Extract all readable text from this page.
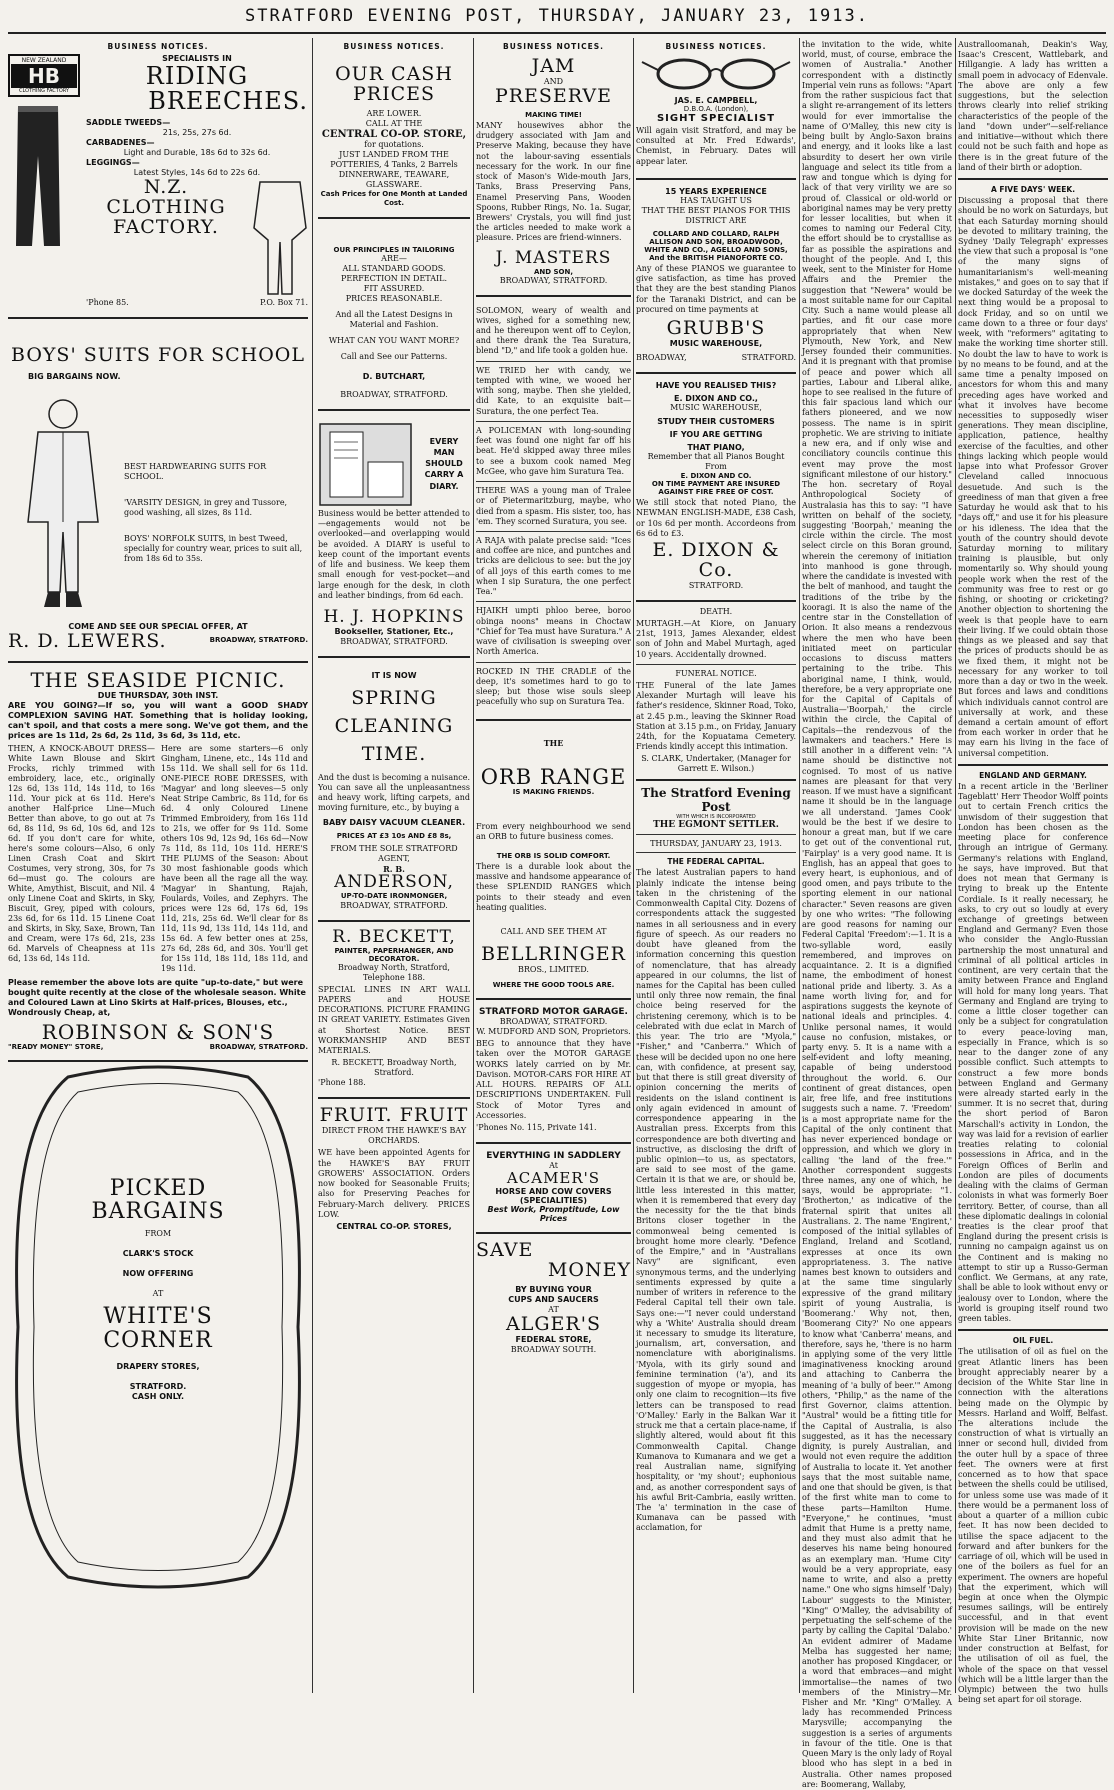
STRATFORD EVENING POST, THURSDAY, JANUARY 23, 1913.
BUSINESS NOTICES.
NEW ZEALAND
HB
CLOTHING FACTORY
SPECIALISTS IN
RIDING
BREECHES.
SADDLE TWEEDS—
21s, 25s, 27s 6d.
CARBADENES—
Light and Durable, 18s 6d to 32s 6d.
LEGGINGS—
Latest Styles, 14s 6d to 22s 6d.
N.Z.
CLOTHING
FACTORY.
'Phone 85.	P.O. Box 71.
BOYS' SUITS FOR SCHOOL
BIG BARGAINS NOW.
BEST HARDWEARING SUITS FOR SCHOOL.
'VARSITY DESIGN, in grey and Tussore, good washing, all sizes, 8s 11d.
BOYS' NORFOLK SUITS, in best Tweed, specially for country wear, prices to suit all, from 18s 6d to 35s.
COME AND SEE OUR SPECIAL OFFER, AT
R. D. LEWERS.	BROADWAY, STRATFORD.
THE SEASIDE PICNIC.
DUE THURSDAY, 30th INST.
ARE YOU GOING?—If so, you will want a GOOD SHADY COMPLEXION SAVING HAT. Something that is holiday looking, can't spoil, and that costs a mere song. We've got them, and the prices are 1s 11d, 2s 6d, 2s 11d, 3s 6d, 3s 11d, etc.
THEN, A KNOCK-ABOUT DRESS—White Lawn Blouse and Skirt Frocks, richly trimmed with embroidery, lace, etc., originally 12s 6d, 13s 11d, 14s 11d, to 16s 11d. Your pick at 6s 11d. Here's another Half-price Line—Much Better than above, to go out at 7s 6d, 8s 11d, 9s 6d, 10s 6d, and 12s 6d. If you don't care for white, here's some colours—Also, 6 only Linen Crash Coat and Skirt Costumes, very strong, 30s, for 7s 6d—must go. The colours are White, Amythist, Biscuit, and Nil. 4 only Linene Coat and Skirts, in Sky, Biscuit, Grey, piped with colours, 23s 6d, for 6s 11d. 15 Linene Coat and Skirts, in Sky, Saxe, Brown, Tan and Cream, were 17s 6d, 21s, 23s 6d. Marvels of Cheapness at 11s 6d, 13s 6d, 14s 11d.
Here are some starters—6 only Gingham, Linene, etc., 14s 11d and 15s 11d. We shall sell for 6s 11d. ONE-PIECE ROBE DRESSES, with 'Magyar' and long sleeves—5 only Neat Stripe Cambric, 8s 11d, for 6s 6d. 4 only Coloured Linene Trimmed Embroidery, from 16s 11d to 21s, we offer for 9s 11d. Some others 10s 9d, 12s 9d, 16s 6d—Now 7s 11d, 8s 11d, 10s 11d. HERE'S THE PLUMS of the Season: About 30 most fashionable goods which have been all the rage all the way. 'Magyar' in Shantung, Rajah, Foulards, Voiles, and Zephyrs. The prices were 12s 6d, 17s 6d, 19s 11d, 21s, 25s 6d. We'll clear for 8s 11d, 11s 9d, 13s 11d, 14s 11d, and 15s 6d. A few better ones at 25s, 27s 6d, 28s 6d, and 30s. You'll get for 15s 11d, 18s 11d, 18s 11d, and 19s 11d.
Please remember the above lots are quite "up-to-date," but were bought quite recently at the close of the wholesale season. White and Coloured Lawn at Lino Skirts at Half-prices, Blouses, etc., Wondrously Cheap, at,
ROBINSON & SON'S
"READY MONEY" STORE,	BROADWAY, STRATFORD.
PICKED
BARGAINS
FROM
CLARK'S STOCK
NOW OFFERING
AT
WHITE'S
CORNER
DRAPERY STORES,
STRATFORD.
CASH ONLY.
BUSINESS NOTICES.
OUR CASH
PRICES
ARE LOWER.
CALL AT THE
CENTRAL CO-OP. STORE,
for quotations.
JUST LANDED FROM THE POTTERIES, 4 Tanks, 2 Barrels DINNERWARE, TEAWARE, GLASSWARE.
Cash Prices for One Month at Landed Cost.
OUR PRINCIPLES IN TAILORING
ARE—
ALL STANDARD GOODS.
PERFECTION IN DETAIL.
FIT ASSURED.
PRICES REASONABLE.
And all the Latest Designs in Material and Fashion.
WHAT CAN YOU WANT MORE?
Call and See our Patterns.
D. BUTCHART,
BROADWAY, STRATFORD.
EVERY MAN SHOULD CARRY A DIARY.
Business would be better attended to—engagements would not be overlooked—and overlapping would be avoided. A DIARY is useful to keep count of the important events of life and business. We keep them small enough for vest-pocket—and large enough for the desk, in cloth and leather bindings, from 6d each.
H. J. HOPKINS
Bookseller, Stationer, Etc.,
BROADWAY, STRATFORD.
IT IS NOW
SPRING
CLEANING
TIME.
And the dust is becoming a nuisance. You can save all the unpleasantness and heavy work, lifting carpets, and moving furniture, etc., by buying a
BABY DAISY VACUUM CLEANER.
PRICES AT £3 10s AND £8 8s,
FROM THE SOLE STRATFORD AGENT,
R. B.
ANDERSON,
UP-TO-DATE IRONMONGER,
BROADWAY, STRATFORD.
R. BECKETT,
PAINTER, PAPERHANGER, AND DECORATOR.
Broadway North, Stratford, Telephone 188.
SPECIAL LINES IN ART WALL PAPERS and HOUSE DECORATIONS. PICTURE FRAMING IN GREAT VARIETY. Estimates Given at Shortest Notice. BEST WORKMANSHIP AND BEST MATERIALS.
R. BECKETT, Broadway North, Stratford.
'Phone 188.
FRUIT. FRUIT
DIRECT FROM THE HAWKE'S BAY ORCHARDS.
WE have been appointed Agents for the HAWKE'S BAY FRUIT GROWERS' ASSOCIATION. Orders now booked for Seasonable Fruits; also for Preserving Peaches for February-March delivery. PRICES LOW.
CENTRAL CO-OP. STORES,
BUSINESS NOTICES.
JAM
AND
PRESERVE
MAKING TIME!
MANY housewives abhor the drudgery associated with Jam and Preserve Making, because they have not the labour-saving essentials necessary for the work. In our fine stock of Mason's Wide-mouth Jars, Tanks, Brass Preserving Pans, Enamel Preserving Pans, Wooden Spoons, Rubber Rings, No. 1a. Sugar, Brewers' Crystals, you will find just the articles needed to make work a pleasure. Prices are friend-winners.
J. MASTERS
AND SON,
BROADWAY, STRATFORD.
SOLOMON, weary of wealth and wives, sighed for a something new, and he thereupon went off to Ceylon, and there drank the Tea Suratura, blend "D," and life took a golden hue.
WE TRIED her with candy, we tempted with wine, we wooed her with song, maybe. Then she yielded, did Kate, to an exquisite bait—Suratura, the one perfect Tea.
A POLICEMAN with long-sounding feet was found one night far off his beat. He'd skipped away three miles to see a buxom cook named Meg McGee, who gave him Suratura Tea.
THERE WAS a young man of Tralee or of Pietermaritzburg, maybe, who died from a spasm. His sister, too, has 'em. They scorned Suratura, you see.
A RAJA with palate precise said: "Ices and coffee are nice, and puntches and tricks are delicious to see: but the joy of all joys of this earth comes to me when I sip Suratura, the one perfect Tea."
HJAIKH umpti phloo beree, boroo obinga noons" means in Choctaw "Chief for Tea must have Suratura." A wave of civilisation is sweeping over North America.
ROCKED IN THE CRADLE of the deep, it's sometimes hard to go to sleep; but those wise souls sleep peacefully who sup on Suratura Tea.
THE
ORB RANGE
IS MAKING FRIENDS.
From every neighbourhood we send an ORB to future business comes.
THE ORB IS SOLID COMFORT.
There is a durable look about the massive and handsome appearance of these SPLENDID RANGES which points to their steady and even heating qualities.
CALL AND SEE THEM AT
BELLRINGER
BROS., LIMITED.
WHERE THE GOOD TOOLS ARE.
STRATFORD MOTOR GARAGE.
BROADWAY, STRATFORD.
W. MUDFORD AND SON, Proprietors.
BEG to announce that they have taken over the MOTOR GARAGE WORKS lately carried on by Mr. Davison. MOTOR-CARS FOR HIRE AT ALL HOURS. REPAIRS OF ALL DESCRIPTIONS UNDERTAKEN. Full Stock of Motor Tyres and Accessories.
'Phones No. 115, Private 141.
EVERYTHING IN SADDLERY
At
ACAMER'S
HORSE AND COW COVERS (SPECIALITIES)
Best Work, Promptitude, Low Prices
SAVE
MONEY
BY BUYING YOUR
CUPS AND SAUCERS
AT
ALGER'S
FEDERAL STORE,
BROADWAY SOUTH.
BUSINESS NOTICES.
JAS. E. CAMPBELL,
D.B.O.A. (London),
SIGHT SPECIALIST
Will again visit Stratford, and may be consulted at Mr. Fred Edwards', Chemist, in February. Dates will appear later.
15 YEARS EXPERIENCE
HAS TAUGHT US
THAT THE BEST PIANOS FOR THIS DISTRICT ARE
COLLARD AND COLLARD, RALPH ALLISON AND SON, BROADWOOD, WHITE AND CO., AGELLO AND SONS, And the BRITISH PIANOFORTE CO.
Any of these PIANOS we guarantee to give satisfaction, as time has proved that they are the best standing Pianos for the Taranaki District, and can be procured on time payments at
GRUBB'S
MUSIC WAREHOUSE,
BROADWAY,	STRATFORD.
HAVE YOU REALISED THIS?
E. DIXON AND CO.,
MUSIC WAREHOUSE,
STUDY THEIR CUSTOMERS
IF YOU ARE GETTING
THAT PIANO,
Remember that all Pianos Bought From
E. DIXON AND CO.
ON TIME PAYMENT ARE INSURED AGAINST FIRE FREE OF COST.
We still stock that noted Piano, the NEWMAN ENGLISH-MADE, £38 Cash, or 10s 6d per month. Accordeons from 6s 6d to £3.
E. DIXON & Co.
STRATFORD.
DEATH.
MURTAGH.—At Kiore, on January 21st, 1913, James Alexander, eldest son of John and Mabel Murtagh, aged 10 years. Accidentally drowned.
FUNERAL NOTICE.
THE Funeral of the late James Alexander Murtagh will leave his father's residence, Skinner Road, Toko, at 2.45 p.m., leaving the Skinner Road Station at 3.15 p.m., on Friday, January 24th, for the Kopuatama Cemetery. Friends kindly accept this intimation.
S. CLARK, Undertaker, (Manager for Garrett E. Wilson.)
The Stratford Evening Post
WITH WHICH IS INCORPORATED
THE EGMONT SETTLER.
THURSDAY, JANUARY 23, 1913.
THE FEDERAL CAPITAL.
The latest Australian papers to hand plainly indicate the intense being taken in the christening of the Commonwealth Capital City. Dozens of correspondents attack the suggested names in all seriousness and in every figure of speech. As our readers no doubt have gleaned from the information concerning this question of nomenclature, that has already appeared in our columns, the list of names for the Capital has been culled until only three now remain, the final choice being reserved for the christening ceremony, which is to be celebrated with due eclat in March of this year. The trio are "Myola," "Fisher," and "Canberra." Which of these will be decided upon no one here can, with confidence, at present say, but that there is still great diversity of opinion concerning the merits of residents on the island continent is only again evidenced in amount of correspondence appearing in the Australian press. Excerpts from this correspondence are both diverting and instructive, as disclosing the drift of public opinion—to us, as spectators, are said to see most of the game. Certain it is that we are, or should be, little less interested in this matter, when it is remembered that every day the necessity for the tie that binds Britons closer together in the commonweal being cemented is brought home more clearly. "Defence of the Empire," and in "Australians Navy" are significant, even synonymous terms, and the underlying sentiments expressed by quite a number of writers in reference to the Federal Capital tell their own tale. Says one:—"I never could understand why a 'White' Australia should dream it necessary to smudge its literature, journalism, art, conversation, and nomenclature with aboriginalisms. 'Myola, with its girly sound and feminine termination ('a'), and its suggestion of myope or myopia, has only one claim to recognition—its five letters can be transposed to read 'O'Malley.' Early in the Balkan War it struck me that a certain place-name, if slightly altered, would about fit this Commonwealth Capital. Change Kumanova to Kumanara and we get a real Australian name, signifying hospitality, or 'my shout'; euphonious and, as another correspondent says of his awful Brit-Cambria, easily written. The 'a' termination in the case of Kumanava can be passed with acclamation, for
the invitation to the wide, white world, must, of course, embrace the women of Australia." Another correspondent with a distinctly Imperial vein runs as follows: "Apart from the rather suspicious fact that a slight re-arrangement of its letters would for ever immortalise the name of O'Malley, this new city is being built by Anglo-Saxon brains and energy, and it looks like a last absurdity to desert her own virile language and select its title from a raw and tongue which is dying for lack of that very virility we are so proud of. Classical or old-world or aboriginal names may be very pretty for lesser localities, but when it comes to naming our Federal City, the effort should be to crystallise as far as possible the aspirations and thought of the people. And I, this week, sent to the Minister for Home Affairs and the Premier the suggestion that "Newera" would be a most suitable name for our Capital City. Such a name would please all parties, and fit our case more appropriately that when New Plymouth, New York, and New Jersey founded their communities. And it is pregnant with that promise of peace and power which all parties, Labour and Liberal alike, hope to see realised in the future of this fair spacious land which our fathers pioneered, and we now possess. The name is in spirit prophetic. We are striving to initiate a new era, and if only wise and conciliatory councils continue this event may prove the most significant milestone of our history." The hon. secretary of Royal Anthropological Society of Australasia has this to say: "I have written on behalf of the society, suggesting 'Boorpah,' meaning the circle within the circle. The most select circle on this Boran ground, wherein the ceremony of initiation into manhood is gone through, where the candidate is invested with the belt of manhood, and taught the traditions of the tribe by the kooragi. It is also the name of the centre star in the Constellation of Orion. It also means a rendezvous where the men who have been initiated meet on particular occasions to discuss matters pertaining to the tribe. This aboriginal name, I think, would, therefore, be a very appropriate one for the Capital of Capitals of Australia—'Boorpah,' the circle within the circle, the Capital of Capitals—the rendezvous of the lawmakers and teachers." Here is still another in a different vein: "A name should be distinctive not cognised. To most of us native names are pleasant for that very reason. If we must have a significant name it should be in the language we all understand. 'James Cook' would be the best if we desire to honour a great man, but if we care to get out of the conventional rut, 'Fairplay' is a very good name. It is English, has an appeal that goes to every heart, is euphonious, and of good omen, and pays tribute to the sporting element in our national character." Seven reasons are given by one who writes: "The following are good reasons for naming our Federal Capital 'Freedom':—1. It is a two-syllable word, easily remembered, and improves on acquaintance. 2. It is a dignified name, the embodiment of honest national pride and liberty. 3. As a name worth living for, and for aspirations suggests the keynote of national ideals and principles. 4. Unlike personal names, it would cause no confusion, mistakes, or party envy. 5. It is a name with a self-evident and lofty meaning, capable of being understood throughout the world. 6. Our continent of great distances, open air, free life, and free institutions suggests such a name. 7. 'Freedom' is a most appropriate name for the Capital of the only continent that has never experienced bondage or oppression, and which we glory in calling 'the land of the free.'" Another correspondent suggests three names, any one of which, he says, would be appropriate: "1. 'Brotherton,' as indicative of the fraternal spirit that unites all Australians. 2. The name 'Engirent,' composed of the initial syllables of England, Ireland and Scotland, expresses at once its own appropriateness. 3. The native names best known to outsiders and at the same time singularly expressive of the grand military spirit of young Australia, is 'Boomerang.' Why not, then, 'Boomerang City?' No one appears to know what 'Canberra' means, and therefore, says he, 'there is no harm in applying some of the very little imaginativeness knocking around and attaching to Canberra the meaning of 'a bully of beer.'" Among others, "Philip," as the name of the first Governor, claims attention. "Austral" would be a fitting title for the Capital of Australia, is also suggested, as it has the necessary dignity, is purely Australian, and would not even require the addition of Australia to locate it. Yet another says that the most suitable name, and one that should be given, is that of the first white man to come to these parts—Hamilton Hume. "Everyone," he continues, "must admit that Hume is a pretty name, and they must also admit that he deserves his name being honoured as an exemplary man. 'Hume City' would be a very appropriate, easy name to write, and also a pretty name." One who signs himself 'Daly) Labour' suggests to the Minister, "King" O'Malley, the advisability of perpetuating the self-scheme of the party by calling the Capital 'Dalabo.' An evident admirer of Madame Melba has suggested her name; another has proposed Kingdacer, or a word that embraces—and might immortalise—the names of two members of the Ministry—Mr. Fisher and Mr. "King" O'Malley. A lady has recommended Princess Marysville; accompanying the suggestion is a series of arguments in favour of the title. One is that Queen Mary is the only lady of Royal blood who has slept in a bed in Australia. Other names proposed are: Boomerang, Wallaby,
Australloomanah, Deakin's Way, Isaac's Crescent, Wattlebark, and Hillgangie. A lady has written a small poem in advocacy of Edenvale. The above are only a few suggestions, but the selection throws clearly into relief striking characteristics of the people of the land "down under"—self-reliance and initiative—without which there could not be such faith and hope as there is in the great future of the land of their birth or adoption.
A FIVE DAYS' WEEK.
Discussing a proposal that there should be no work on Saturdays, but that each Saturday morning should be devoted to military training, the Sydney 'Daily Telegraph' expresses the view that such a proposal is "one of the many signs of humanitarianism's well-meaning mistakes," and goes on to say that if we docked Saturday of the week the next thing would be a proposal to dock Friday, and so on until we came down to a three or four days' week, with "reformers" agitating to make the working time shorter still. No doubt the law to have to work is by no means to be found, and at the same time a penalty imposed on ancestors for whom this and many preceding ages have worked and what it involves have become necessities to supposedly wiser generations. They mean discipline, application, patience, healthy exercise of the faculties, and other things lacking which people would lapse into what Professor Grover Cleveland called innocuous desuetude. And such is the greediness of man that given a free Saturday he would ask that to his "days off," and use it for his pleasure or his idleness. The idea that the youth of the country should devote Saturday morning to military training is plausible, but only momentarily so. Why should young people work when the rest of the community was free to rest or go fishing, or shooting or cricketing? Another objection to shortening the week is that people have to earn their living. If we could obtain those things as we pleased and say that the prices of products should be as we fixed them, it might not be necessary for any worker to toil more than a day or two in the week. But forces and laws and conditions which individuals cannot control are universally at work, and these demand a certain amount of effort from each worker in order that he may earn his living in the face of universal competition.
ENGLAND AND GERMANY.
In a recent article in the 'Berliner Tageblatt' Herr Theodor Wolff points out to certain French critics the unwisdom of their suggestion that London has been chosen as the meeting place for conference through an intrigue of Germany. Germany's relations with England, he says, have improved. But that does not mean that Germany is trying to break up the Entente Cordiale. Is it really necessary, he asks, to cry out so loudly at every exchange of greetings between England and Germany? Even those who consider the Anglo-Russian partnership the most unnatural and criminal of all political articles in continent, are very certain that the amity between France and England will hold for many long years. That Germany and England are trying to come a little closer together can only be a subject for congratulation to every peace-loving man, especially in France, which is so near to the danger zone of any possible conflict. Such attempts to construct a few more bonds between England and Germany were already started early in the summer. It is no secret that, during the short period of Baron Marschall's activity in London, the way was laid for a revision of earlier treaties relating to colonial possessions in Africa, and in the Foreign Offices of Berlin and London are piles of documents dealing with the claims of German colonists in what was formerly Boer territory. Better, of course, than all these diplomatic dealings in colonial treaties is the clear proof that England during the present crisis is running no campaign against us on the Continent and is making no attempt to stir up a Russo-German conflict. We Germans, at any rate, shall be able to look without envy or jealousy over to London, where the world is grouping itself round two green tables.
OIL FUEL.
The utilisation of oil as fuel on the great Atlantic liners has been brought appreciably nearer by a decision of the White Star line in connection with the alterations being made on the Olympic by Messrs. Harland and Wolff, Belfast. The alterations include the construction of what is virtually an inner or second hull, divided from the outer hull by a space of three feet. The owners were at first concerned as to how that space between the shells could be utilised, for unless some use was made of it there would be a permanent loss of about a quarter of a million cubic feet. It has now been decided to utilise the space adjacent to the forward and after bunkers for the carriage of oil, which will be used in one of the boilers as fuel for an experiment. The owners are hopeful that the experiment, which will begin at once when the Olympic resumes sailings, will be entirely successful, and in that event provision will be made on the new White Star Liner Britannic, now under construction at Belfast, for the utilisation of oil as fuel, the whole of the space on that vessel (which will be a little larger than the Olympic) between the two hulls being set apart for oil storage.
